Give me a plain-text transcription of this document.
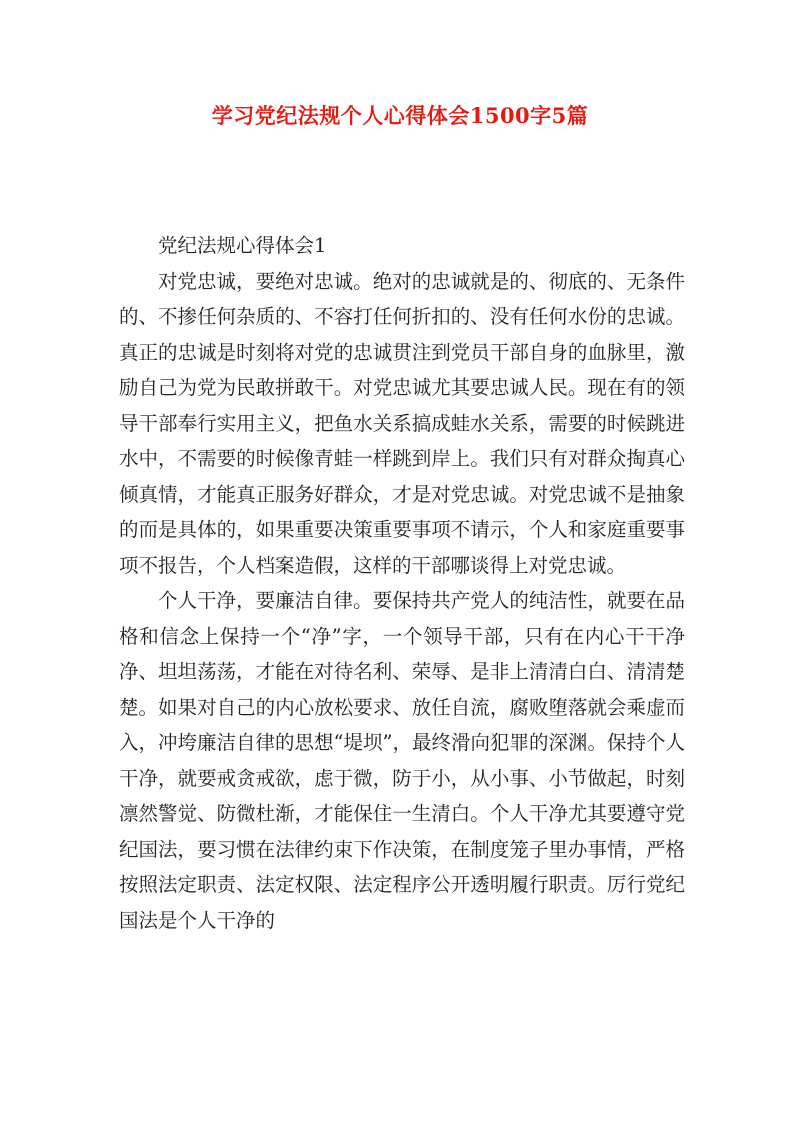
学习党纪法规个人心得体会1500字5篇

党纪法规心得体会1

对党忠诚，要绝对忠诚。绝对的忠诚就是的、彻底的、无条件的、不掺任何杂质的、不容打任何折扣的、没有任何水份的忠诚。真正的忠诚是时刻将对党的忠诚贯注到党员干部自身的血脉里，激励自己为党为民敢拼敢干。对党忠诚尤其要忠诚人民。现在有的领导干部奉行实用主义，把鱼水关系搞成蛙水关系，需要的时候跳进水中，不需要的时候像青蛙一样跳到岸上。我们只有对群众掏真心倾真情，才能真正服务好群众，才是对党忠诚。对党忠诚不是抽象的而是具体的，如果重要决策重要事项不请示，个人和家庭重要事项不报告，个人档案造假，这样的干部哪谈得上对党忠诚。

个人干净，要廉洁自律。要保持共产党人的纯洁性，就要在品格和信念上保持一个“净”字，一个领导干部，只有在内心干干净净、坦坦荡荡，才能在对待名利、荣辱、是非上清清白白、清清楚楚。如果对自己的内心放松要求、放任自流，腐败堕落就会乘虚而入，冲垮廉洁自律的思想“堤坝”，最终滑向犯罪的深渊。保持个人干净，就要戒贪戒欲，虑于微，防于小，从小事、小节做起，时刻凛然警觉、防微杜渐，才能保住一生清白。个人干净尤其要遵守党纪国法，要习惯在法律约束下作决策，在制度笼子里办事情，严格按照法定职责、法定权限、法定程序公开透明履行职责。厉行党纪国法是个人干净的
